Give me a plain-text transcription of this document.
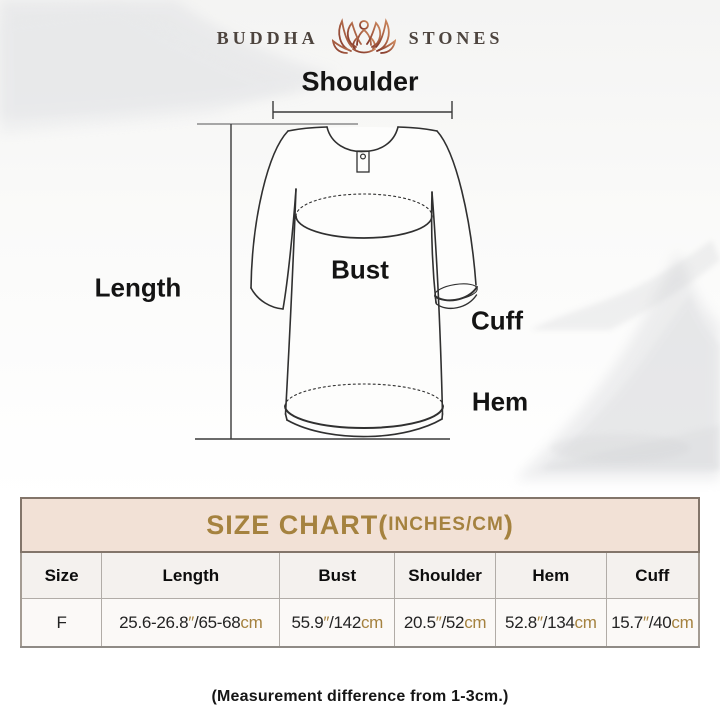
Shoulder
Length
Bust
Cuff
Hem
BUDDHA	STONES
SIZE CHART( INCHES/CM )
Size	Length	Bust	Shoulder	Hem	Cuff
F	25.6-26.8″/65-68cm	55.9″/142cm	20.5″/52cm	52.8″/134cm	15.7″/40cm
(Measurement difference from 1-3cm.)
